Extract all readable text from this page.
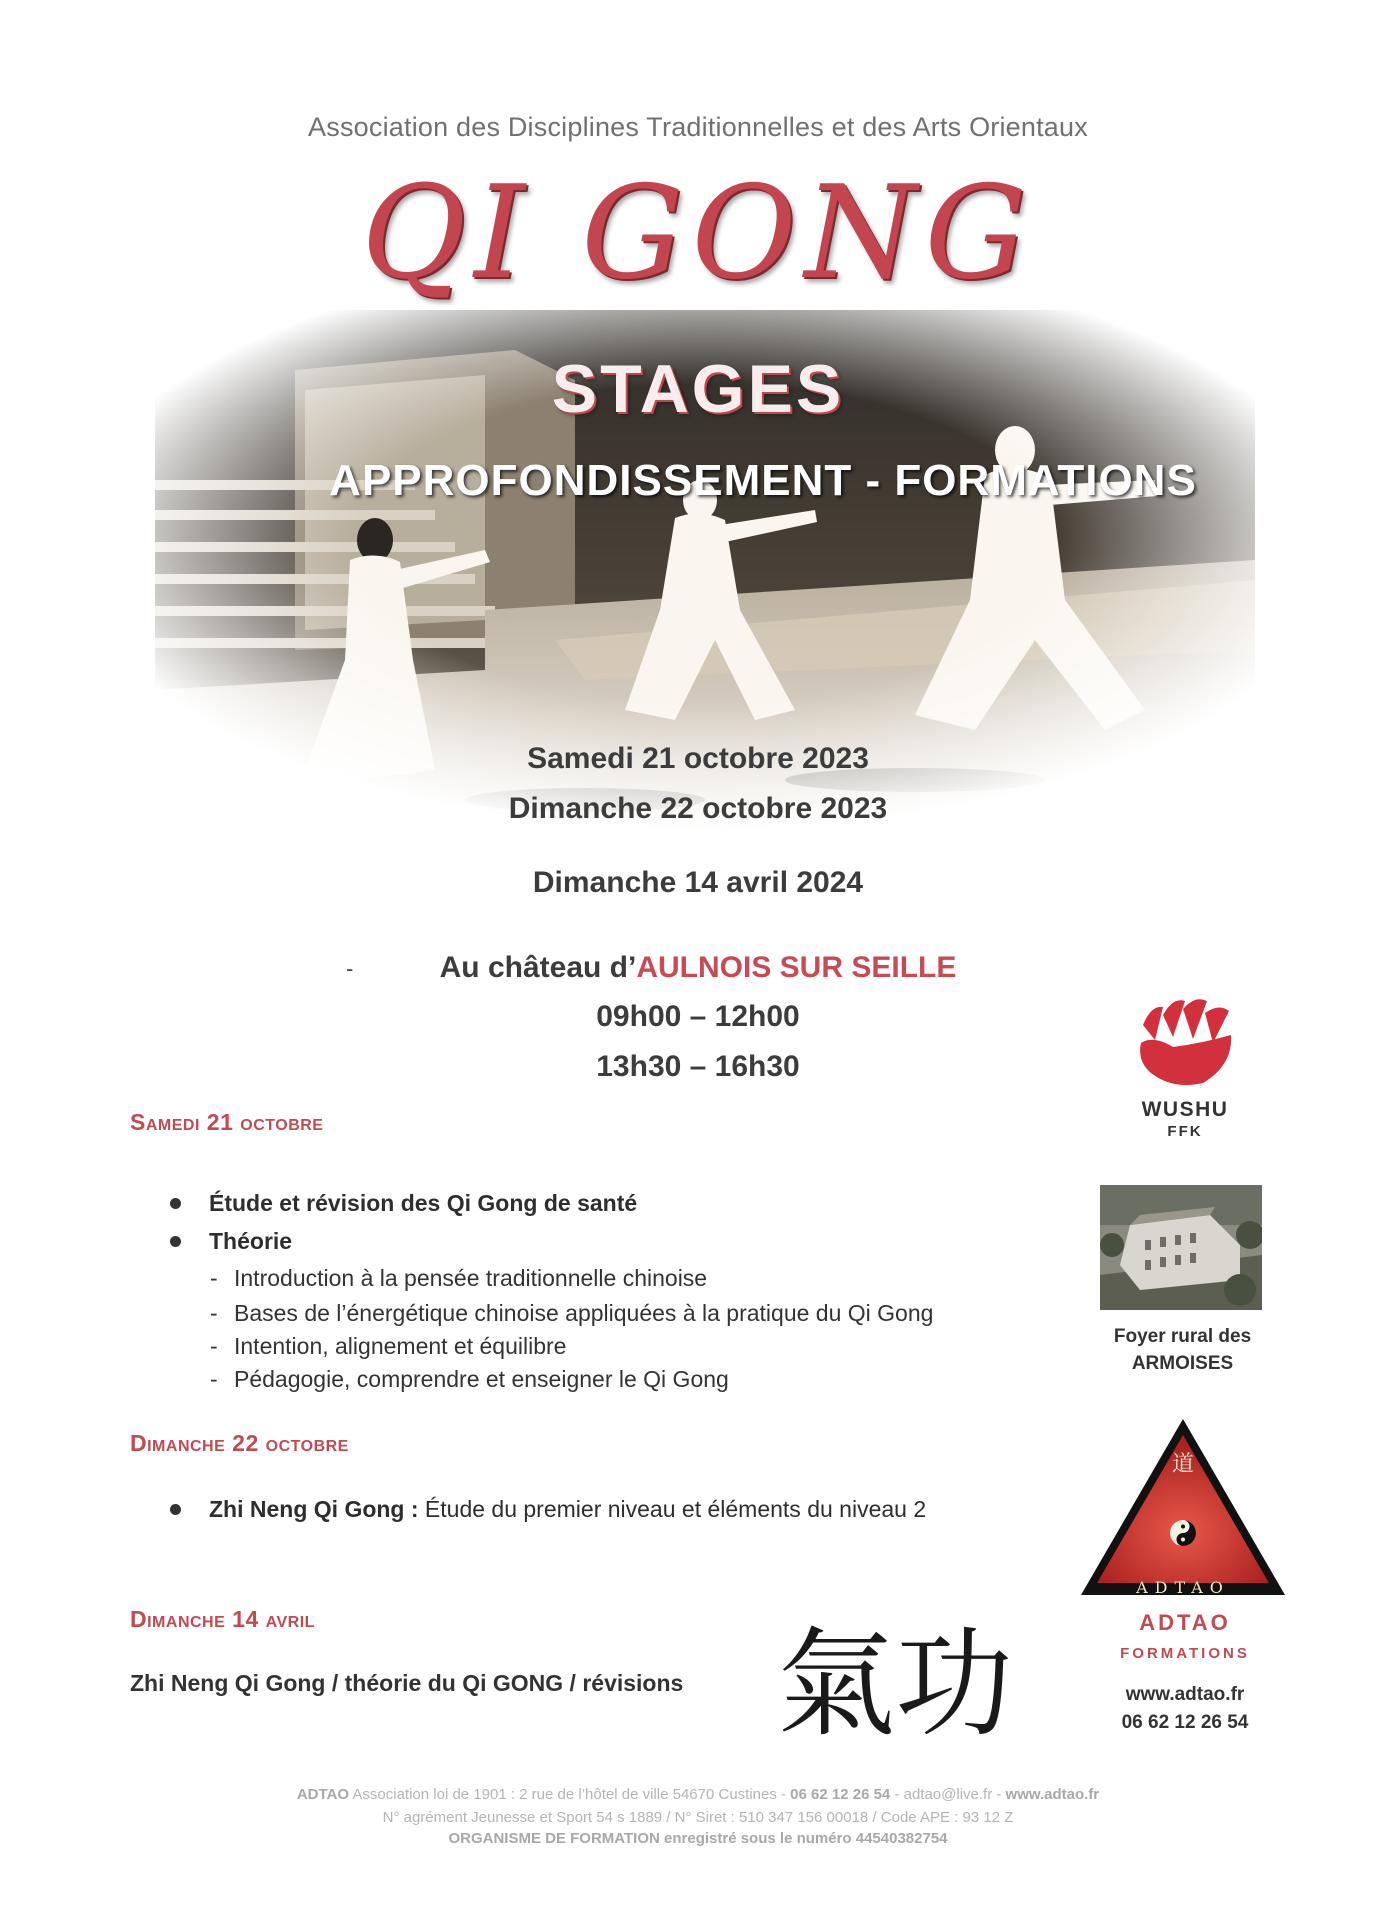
Association des Disciplines Traditionnelles et des Arts Orientaux
QI GONG
STAGES
APPROFONDISSEMENT - FORMATIONS
Samedi 21 octobre 2023
Dimanche 22 octobre 2023
Dimanche 14 avril 2024
-	Au château d’AULNOIS SUR SEILLE
09h00 – 12h00
13h30 – 16h30
Samedi 21 octobre
Étude et révision des Qi Gong de santé
Théorie
- Introduction à la pensée traditionnelle chinoise
- Bases de l’énergétique chinoise appliquées à la pratique du Qi Gong
- Intention, alignement et équilibre
- Pédagogie, comprendre et enseigner le Qi Gong
Dimanche 22 octobre
Zhi Neng Qi Gong : Étude du premier niveau et éléments du niveau 2
Dimanche 14 avril
Zhi Neng Qi Gong / théorie du Qi GONG / révisions 氣功
WUSHU
FFK
Foyer rural des
ARMOISES
道
ADTAO
ADTAO
FORMATIONS
www.adtao.fr
06 62 12 26 54
ADTAO Association loi de 1901 : 2 rue de l’hôtel de ville 54670 Custines - 06 62 12 26 54 - adtao@live.fr - www.adtao.fr
N° agrément Jeunesse et Sport 54 s 1889 / N° Siret : 510 347 156 00018 / Code APE : 93 12 Z
ORGANISME DE FORMATION enregistré sous le numéro 44540382754
